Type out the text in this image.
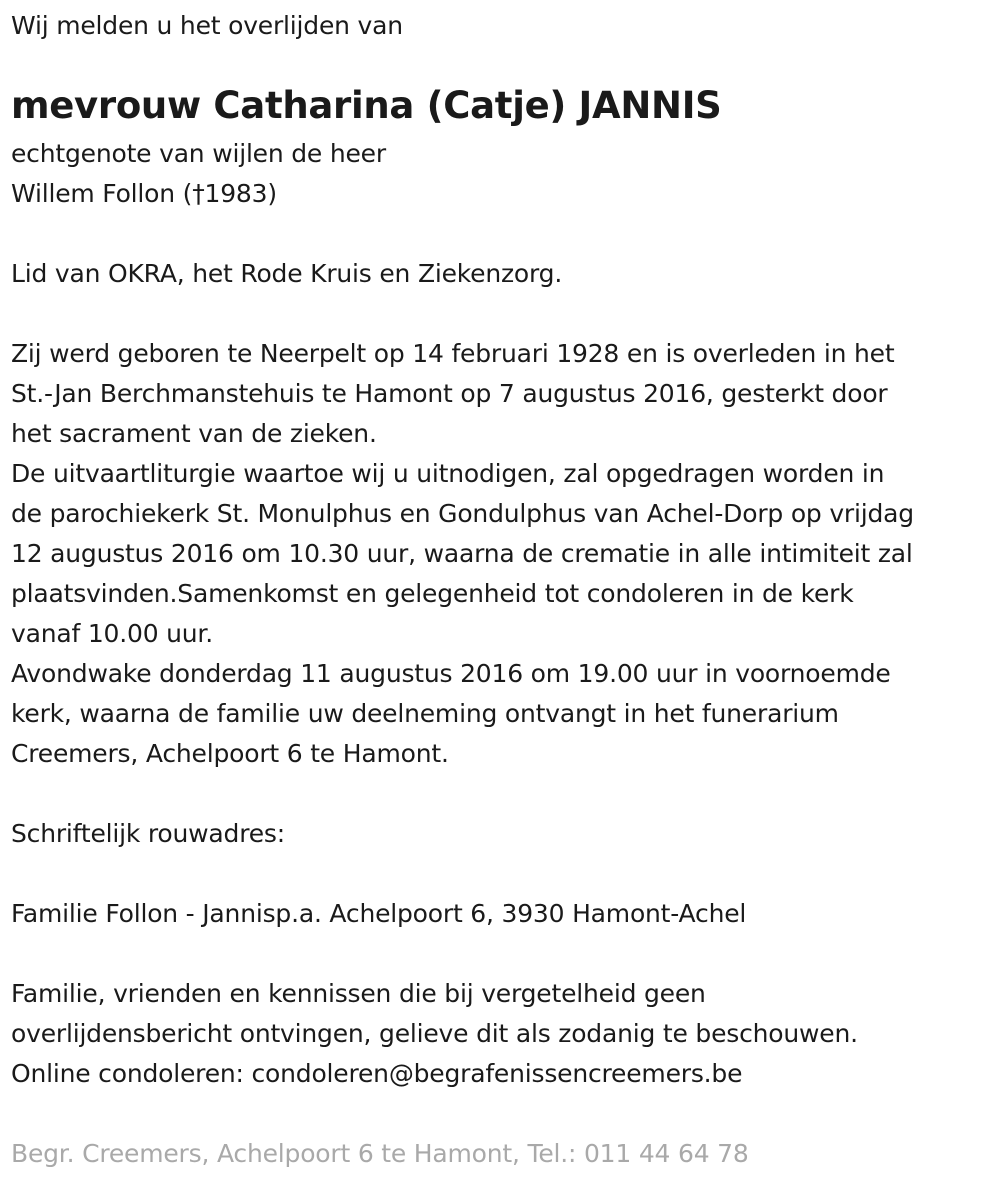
Wij melden u het overlijden van
mevrouw Catharina (Catje) JANNIS
echtgenote van wijlen de heer
Willem Follon (†1983)
Lid van OKRA, het Rode Kruis en Ziekenzorg.
Zij werd geboren te Neerpelt op 14 februari 1928 en is overleden in het
St.-Jan Berchmanstehuis te Hamont op 7 augustus 2016, gesterkt door
het sacrament van de zieken.
De uitvaartliturgie waartoe wij u uitnodigen, zal opgedragen worden in
de parochiekerk St. Monulphus en Gondulphus van Achel-Dorp op vrijdag
12 augustus 2016 om 10.30 uur, waarna de crematie in alle intimiteit zal
plaatsvinden.Samenkomst en gelegenheid tot condoleren in de kerk
vanaf 10.00 uur.
Avondwake donderdag 11 augustus 2016 om 19.00 uur in voornoemde
kerk, waarna de familie uw deelneming ontvangt in het funerarium
Creemers, Achelpoort 6 te Hamont.
Schriftelijk rouwadres:
Familie Follon - Jannisp.a. Achelpoort 6, 3930 Hamont-Achel
Familie, vrienden en kennissen die bij vergetelheid geen
overlijdensbericht ontvingen, gelieve dit als zodanig te beschouwen.
Online condoleren: condoleren@begrafenissencreemers.be
Begr. Creemers, Achelpoort 6 te Hamont, Tel.: 011 44 64 78
